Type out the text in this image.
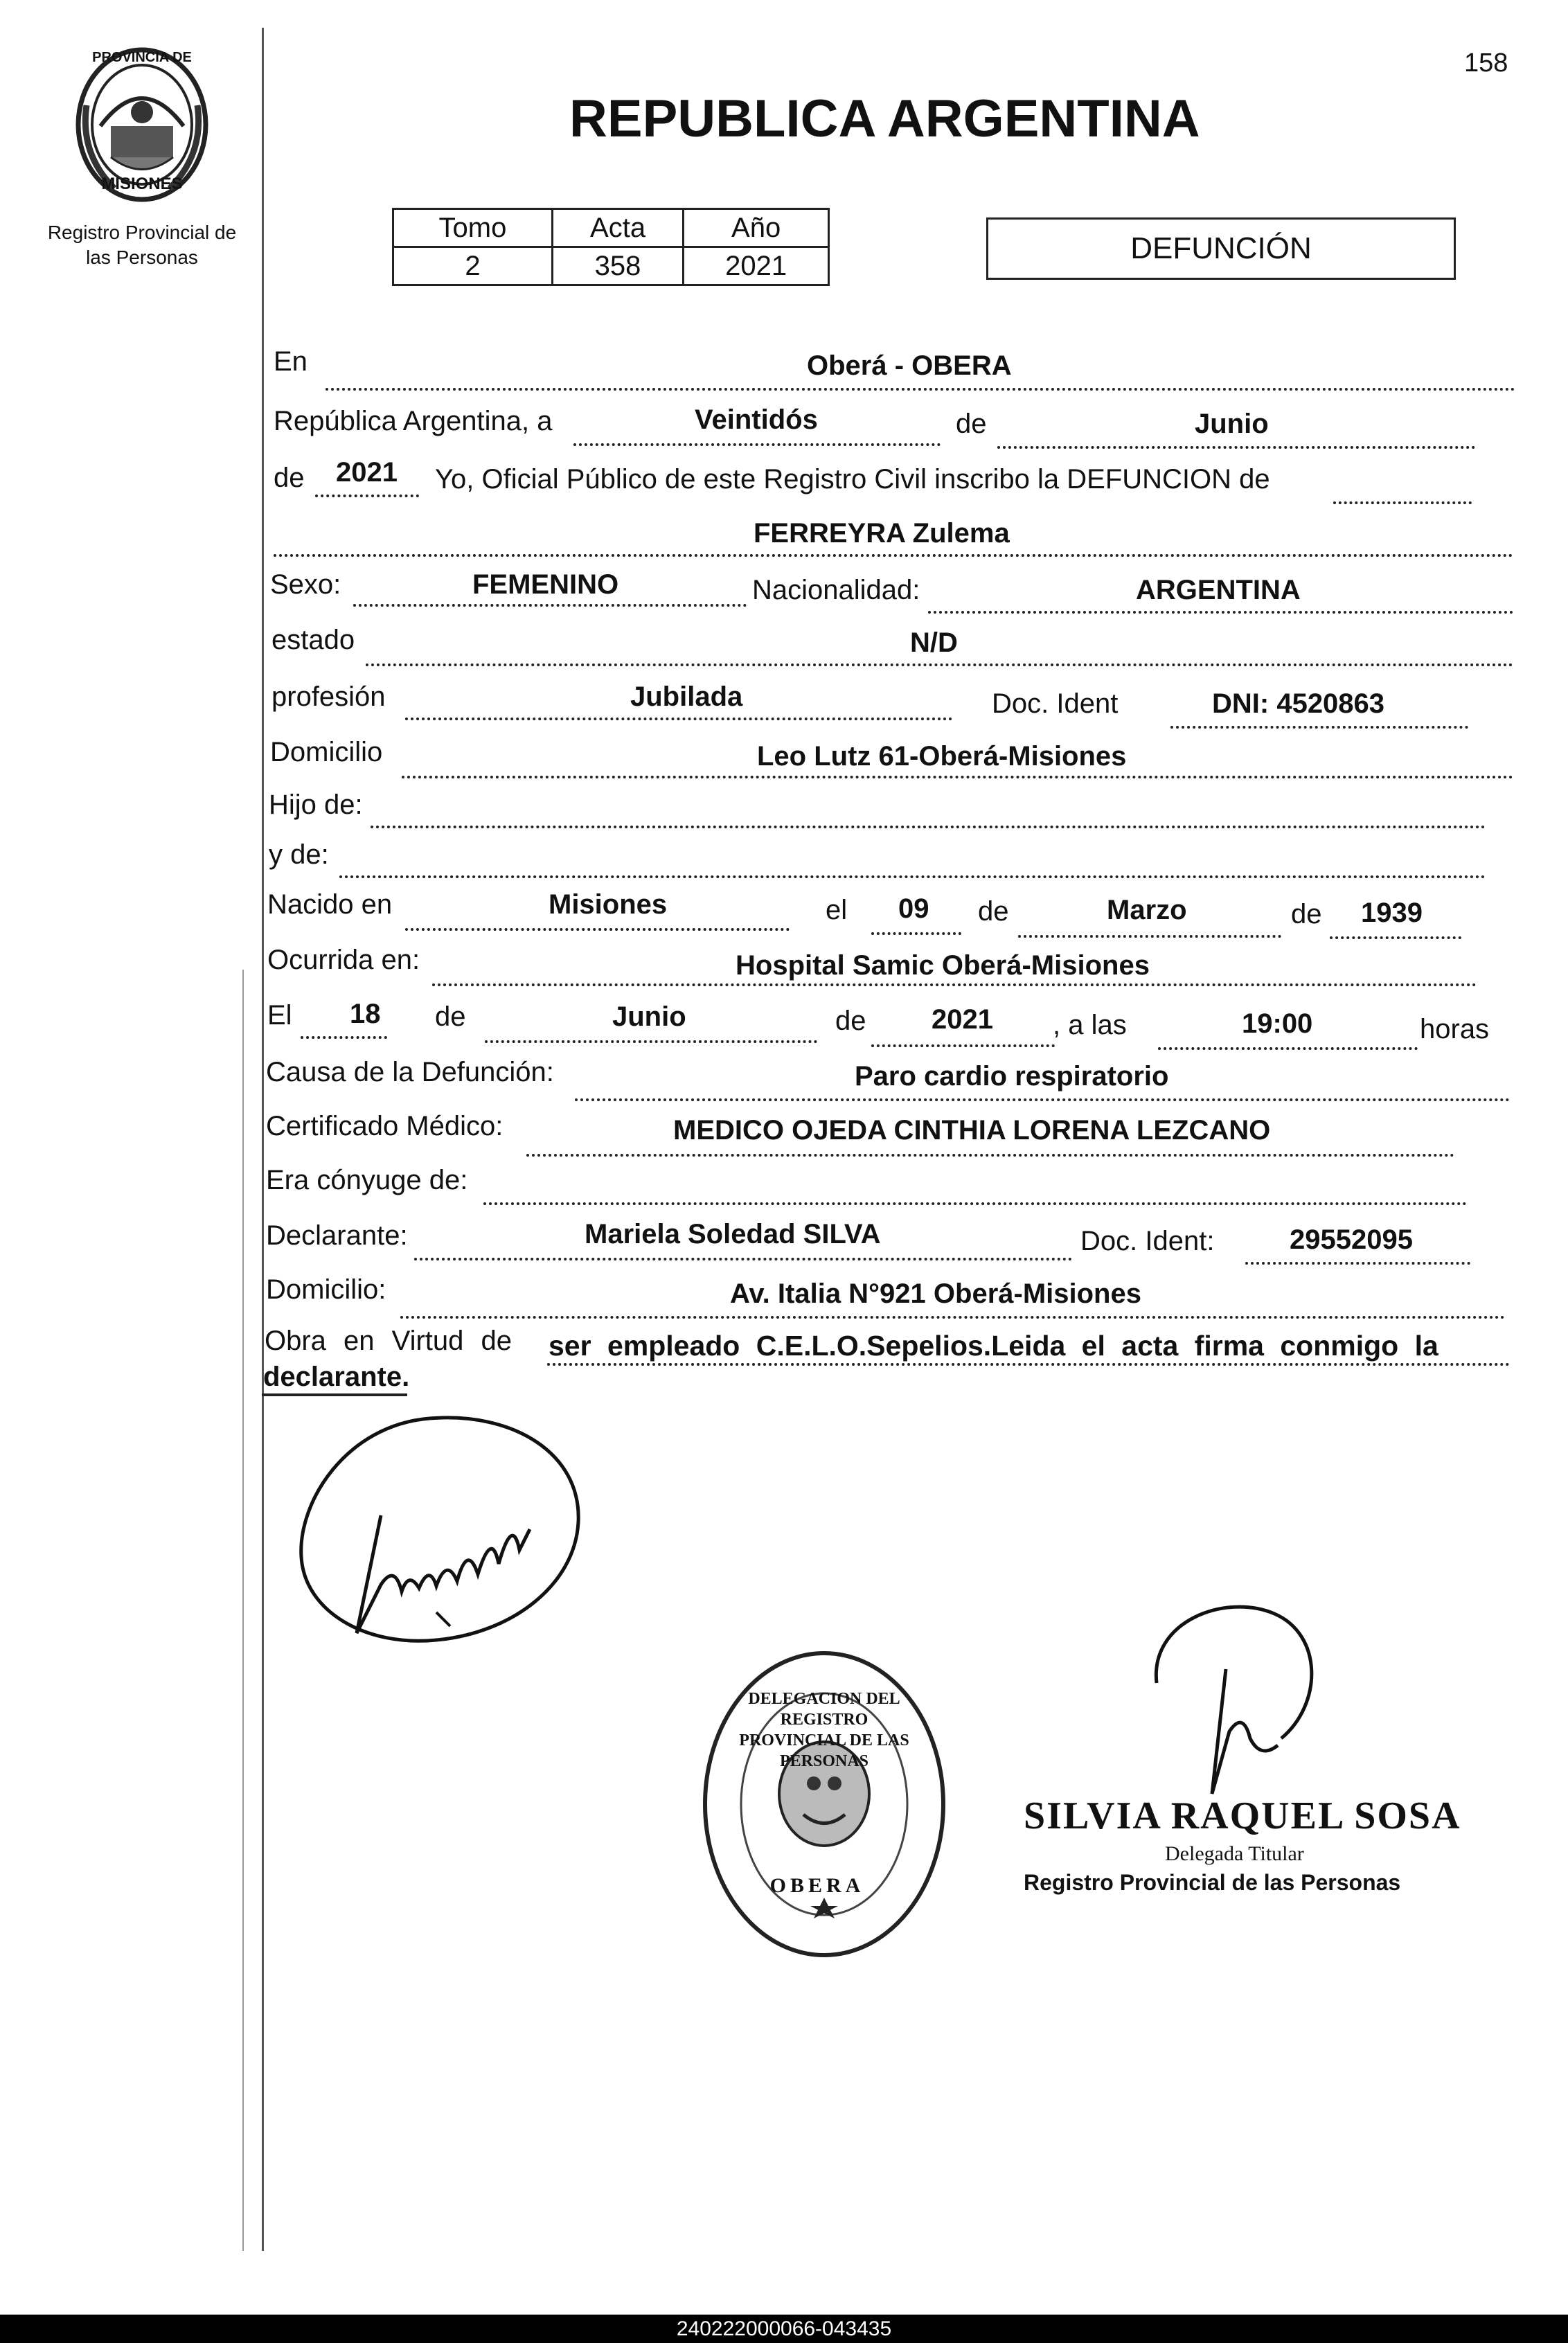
158
PROVINCIA DE
MISIONES
Registro Provincial de las Personas
REPUBLICA ARGENTINA
Tomo	Acta	Año
2	358	2021
DEFUNCIÓN
En	Oberá - OBERA
República Argentina, a	Veintidós	de	Junio
de 2021 Yo, Oficial Público de este Registro Civil inscribo la DEFUNCION de
FERREYRA Zulema
Sexo:	FEMENINO	Nacionalidad:	ARGENTINA
estado	N/D
profesión	Jubilada	Doc. Ident	DNI: 4520863
Domicilio	Leo Lutz 61-Oberá-Misiones
Hijo de:
y de:
Nacido en	Misiones	el 09 de	Marzo	de 1939
Ocurrida en:	Hospital Samic Oberá-Misiones
El 18 de	Junio	de 2021 , a las	19:00	horas
Causa de la Defunción:	Paro cardio respiratorio
Certificado Médico:	MEDICO OJEDA CINTHIA LORENA LEZCANO
Era cónyuge de:
Declarante:	Mariela Soledad SILVA	Doc. Ident:	29552095
Domicilio:	Av. Italia N°921 Oberá-Misiones
Obra en Virtud de ser empleado C.E.L.O.Sepelios.Leida el acta firma conmigo la
declarante.
DELEGACION DEL REGISTRO PROVINCIAL DE LAS PERSONAS
OBERA
SILVIA RAQUEL SOSA
Delegada Titular
Registro Provincial de las Personas
240222000066-043435
